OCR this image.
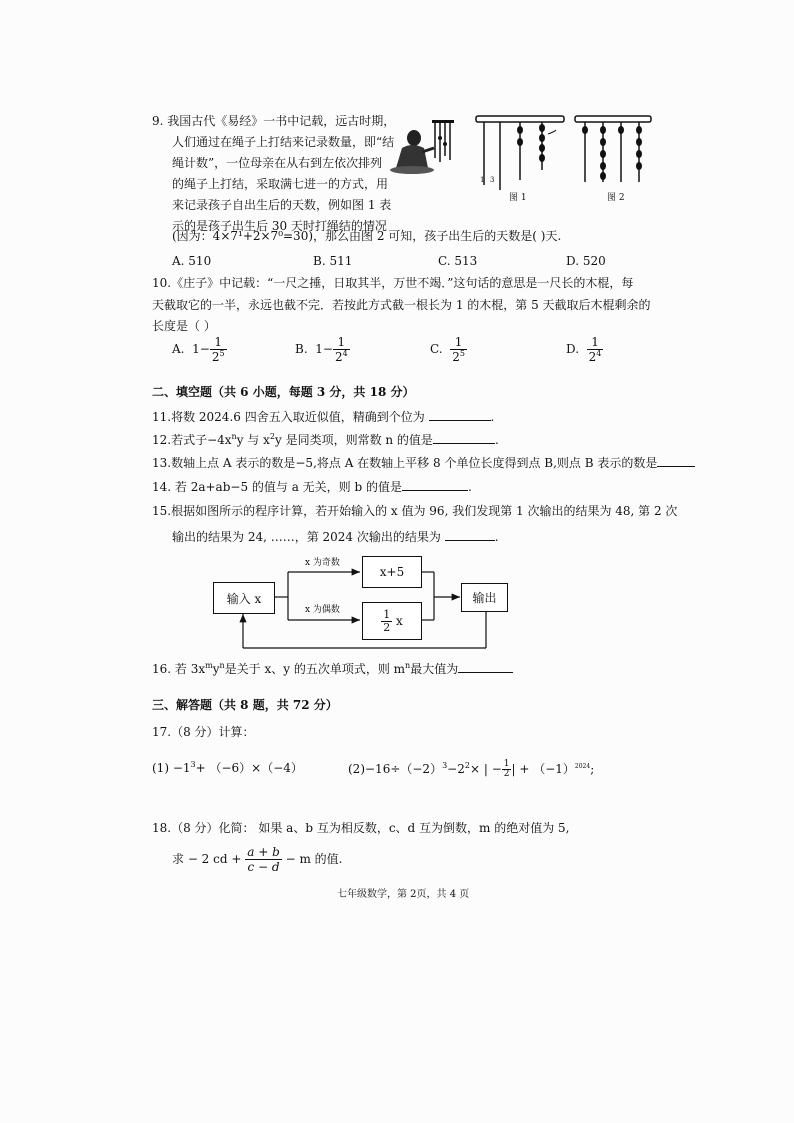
9. 我国古代《易经》一书中记载，远古时期，
人们通过在绳子上打结来记录数量，即“结
绳计数”，一位母亲在从右到左依次排列
的绳子上打结，采取满七进一的方式，用
来记录孩子自出生后的天数，例如图 1 表
示的是孩子出生后 30 天时打绳结的情况
(因为：4×7¹+2×7⁰=30)，那么由图 2 可知，孩子出生后的天数是( )天.
1 3
图 1	图 2
A. 510	B. 511	C. 513	D. 520
10.《庄子》中记载：“一尺之捶，日取其半，万世不竭．”这句话的意思是一尺长的木棍，每
天截取它的一半，永远也截不完．若按此方式截一根长为 1 的木棍，第 5 天截取后木棍剩余的
长度是（ ）
A. $1- \frac{1}{2^5}$	B. $1- \frac{1}{2^4}$	C. $\frac{1}{2^5}$	D. $\frac{1}{2^4}$
二、填空题（共 6 小题，每题 3 分，共 18 分）
11.将数 2024.6 四舍五入取近似值，精确到个位为	.
12.若式子$-4x^ny$ 与 $x^2y$ 是同类项，则常数 n 的值是	.
13.数轴上点 A 表示的数是−5,将点 A 在数轴上平移 8 个单位长度得到点 B,则点 B 表示的数是
14. 若 2a+ab−5 的值与 a 无关，则 b 的值是	.
15.根据如图所示的程序计算，若开始输入的 x 值为 96, 我们发现第 1 次输出的结果为 48, 第 2 次
输出的结果为 24, ……，第 2024 次输出的结果为	.
输入 x
x 为奇数
x 为偶数
x+5
$\frac{1}{2}$
x
输出
16. 若 $3x^my^n$是关于 x、y 的五次单项式，则 $m^n$最大值为
三、解答题（共 8 题，共 72 分）
17.（8 分）计算：
$(1) -1^3+ (-6)\times(-4)$	$(2)-16\div(-2)^3-2^2\times$ | − $\frac{1}{2}$ | + $(-1)^{2024}$;
18.（8 分）化简： 如果 a、b 互为相反数，c、d 互为倒数，m 的绝对值为 5,
求 − 2 cd + $\frac{a + b}{c - d} - m$ 的值.
七年级数学，第 2页，共 4 页
